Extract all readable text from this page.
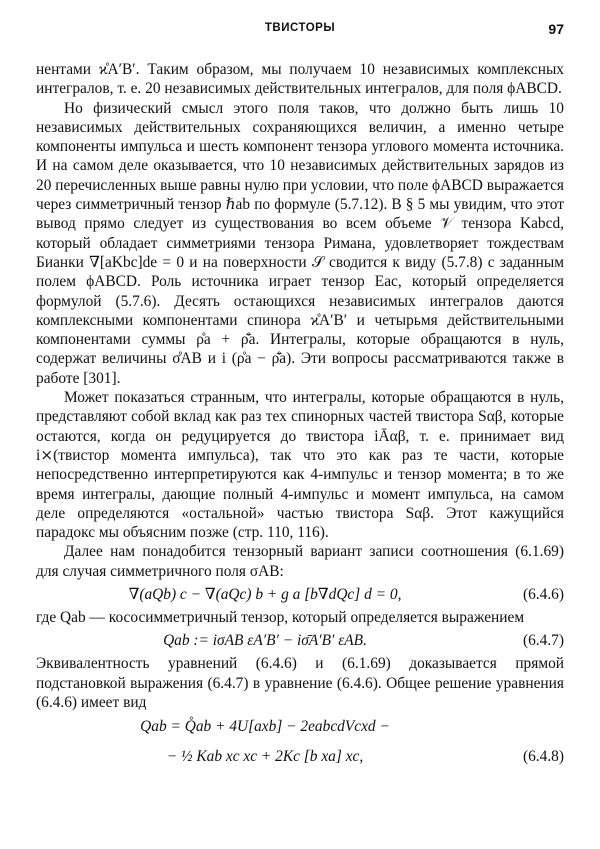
ТВИСТОРЫ	97

нентами ϰ̊A′B′. Таким образом, мы получаем 10 независимых комплексных интегралов, т. е. 20 независимых действительных интегралов, для поля ϕABCD.

Но физический смысл этого поля таков, что должно быть лишь 10 независимых действительных сохраняющихся величин, а именно четыре компоненты импульса и шесть компонент тензора углового момента источника. И на самом деле оказывается, что 10 независимых действительных зарядов из 20 перечисленных выше равны нулю при условии, что поле ϕABCD выражается через симметричный тензор ℏab по формуле (5.7.12). В § 5 мы увидим, что этот вывод прямо следует из существования во всем объеме 𝒱 тензора Kabcd, который обладает симметриями тензора Римана, удовлетворяет тождествам Бианки ∇[aKbc]de = 0 и на поверхности 𝒮 сводится к виду (5.7.8) с заданным полем ϕABCD. Роль источника играет тензор Eac, который определяется формулой (5.7.6). Десять остающихся независимых интегралов даются комплексными компонентами спинора ϰ̊A′B′ и четырьмя действительными компонентами суммы ρ̊a + ρ̊̄a. Интегралы, которые обращаются в нуль, содержат величины σ̊AB и i (ρ̊a − ρ̊̄a). Эти вопросы рассматриваются также в работе [301].

Может показаться странным, что интегралы, которые обращаются в нуль, представляют собой вклад как раз тех спинорных частей твистора Sαβ, которые остаются, когда он редуцируется до твистора iĀαβ, т. е. принимает вид i⨯(твистор момента импульса), так что это как раз те части, которые непосредственно интерпретируются как 4-импульс и тензор момента; в то же время интегралы, дающие полный 4-импульс и момент импульса, на самом деле определяются «остальной» частью твистора Sαβ. Этот кажущийся парадокс мы объясним позже (стр. 110, 116).

Далее нам понадобится тензорный вариант записи соотношения (6.1.69) для случая симметричного поля σAB:

∇(aQb) c − ∇(aQc) b + g a [b∇dQc] d = 0,	(6.4.6)

где Qab — кососимметричный тензор, который определяется выражением

Qab := iσAB εA′B′ − iσ̄A′B′ εAB.	(6.4.7)

Эквивалентность уравнений (6.4.6) и (6.1.69) доказывается прямой подстановкой выражения (6.4.7) в уравнение (6.4.6). Общее решение уравнения (6.4.6) имеет вид

Qab = Q̊ab + 4U[axb] − 2eabcdVcxd −
− ½ Kab xc xc + 2Kc [b xa] xc,	(6.4.8)
